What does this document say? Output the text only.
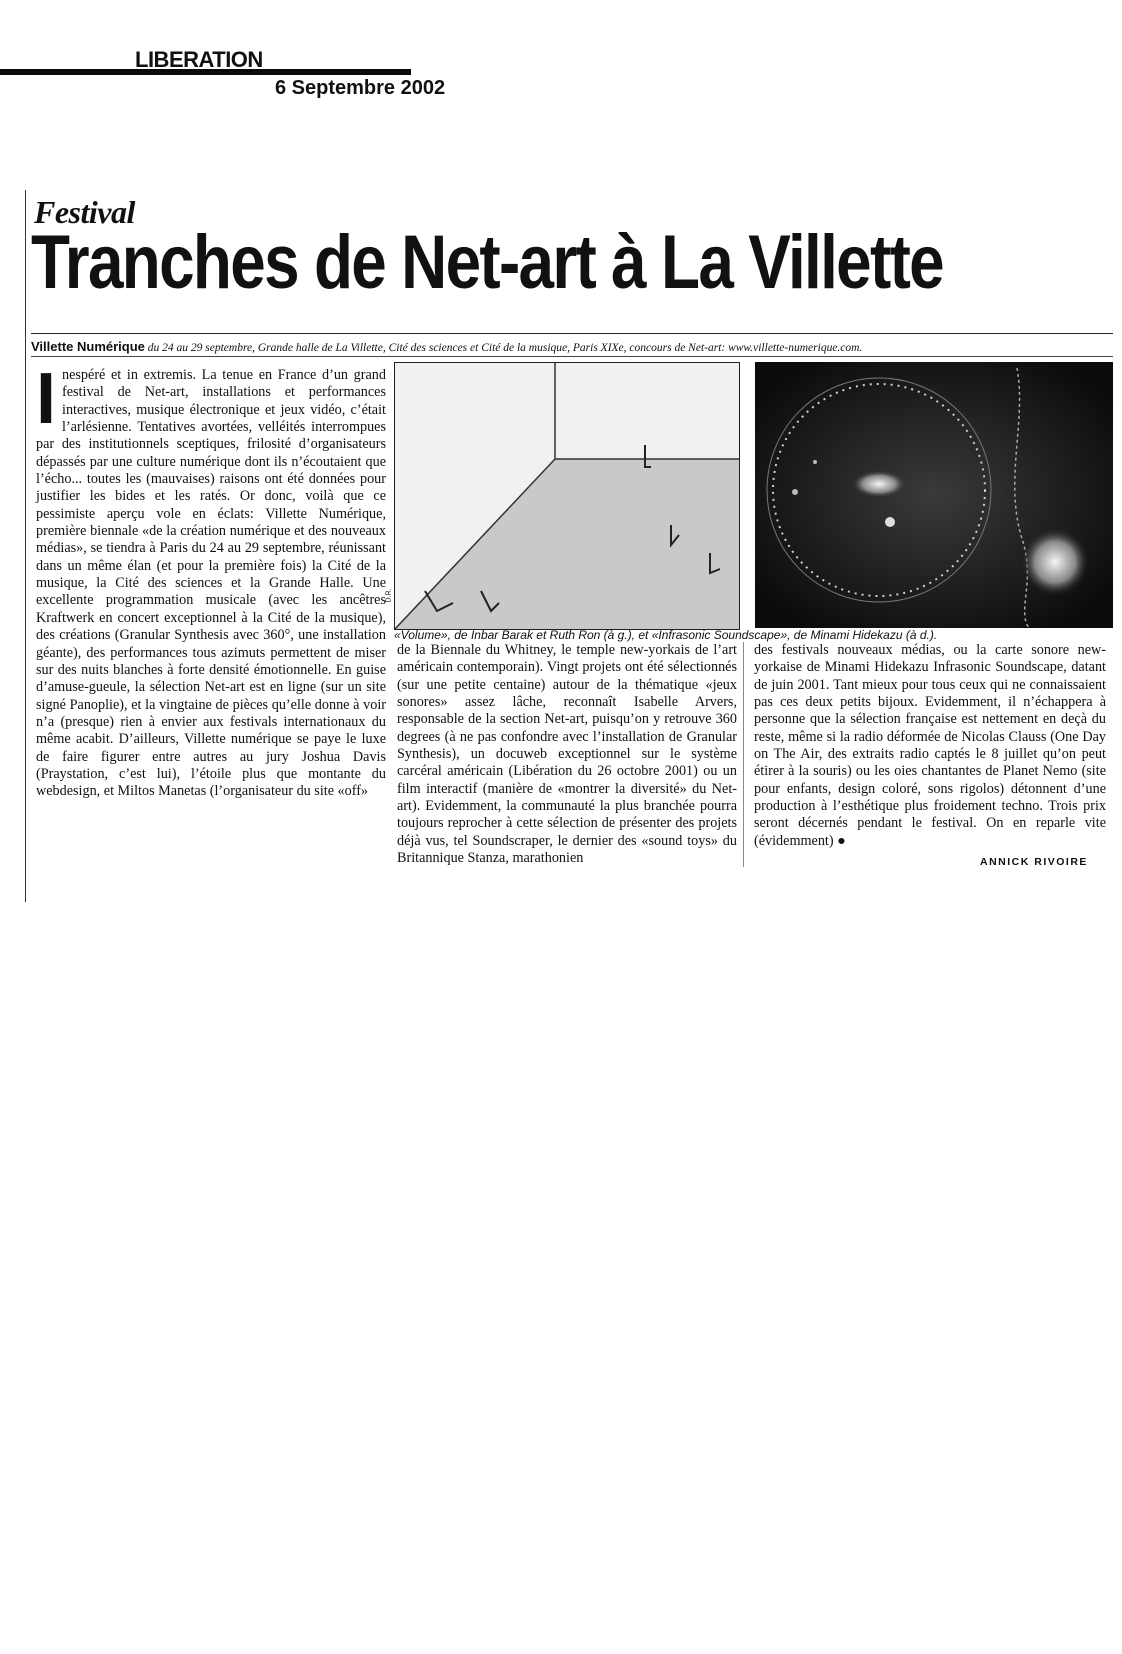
LIBERATION
6 Septembre 2002
Festival
Tranches de Net-art à La Villette
Villette Numérique du 24 au 29 septembre, Grande halle de La Villette, Cité des sciences et Cité de la musique, Paris XIXe, concours de Net-art: www.villette-numerique.com.
Inespéré et in extremis. La tenue en France d’un grand festival de Net-art, installations et performances interactives, musique électronique et jeux vidéo, c’était l’arlésienne. Tentatives avortées, velléités interrompues par des institutionnels sceptiques, frilosité d’organisateurs dépassés par une culture numérique dont ils n’écoutaient que l’écho... toutes les (mauvaises) raisons ont été données pour justifier les bides et les ratés. Or donc, voilà que ce pessimiste aperçu vole en éclats: Villette Numérique, première biennale «de la création numérique et des nouveaux médias», se tiendra à Paris du 24 au 29 septembre, réunissant dans un même élan (et pour la première fois) la Cité de la musique, la Cité des sciences et la Grande Halle. Une excellente programmation musicale (avec les ancêtres Kraftwerk en concert exceptionnel à la Cité de la musique), des créations (Granular Synthesis avec 360°, une installation géante), des performances tous azimuts permettent de miser sur des nuits blanches à forte densité émotionnelle. En guise d’amuse-gueule, la sélection Net-art est en ligne (sur un site signé Panoplie), et la vingtaine de pièces qu’elle donne à voir n’a (presque) rien à envier aux festivals internationaux du même acabit. D’ailleurs, Villette numérique se paye le luxe de faire figurer entre autres au jury Joshua Davis (Praystation, c’est lui), l’étoile plus que montante du webdesign, et Miltos Manetas (l’organisateur du site «off»
D.R.
«Volume», de Inbar Barak et Ruth Ron (à g.), et «Infrasonic Soundscape», de Minami Hidekazu (à d.).
de la Biennale du Whitney, le temple new-yorkais de l’art américain contemporain). Vingt projets ont été sélectionnés (sur une petite centaine) autour de la thématique «jeux sonores» assez lâche, reconnaît Isabelle Arvers, responsable de la section Net-art, puisqu’on y retrouve 360 degrees (à ne pas confondre avec l’installation de Granular Synthesis), un docuweb exceptionnel sur le système carcéral américain (Libération du 26 octobre 2001) ou un film interactif (manière de «montrer la diversité» du Net-art). Evidemment, la communauté la plus branchée pourra toujours reprocher à cette sélection de présenter des projets déjà vus, tel Soundscraper, le dernier des «sound toys» du Britannique Stanza, marathonien
des festivals nouveaux médias, ou la carte sonore new-yorkaise de Minami Hidekazu Infrasonic Soundscape, datant de juin 2001. Tant mieux pour tous ceux qui ne connaissaient pas ces deux petits bijoux. Evidemment, il n’échappera à personne que la sélection française est nettement en deçà du reste, même si la radio déformée de Nicolas Clauss (One Day on The Air, des extraits radio captés le 8 juillet qu’on peut étirer à la souris) ou les oies chantantes de Planet Nemo (site pour enfants, design coloré, sons rigolos) détonnent d’une production à l’esthétique plus froidement techno. Trois prix seront décernés pendant le festival. On en reparle vite (évidemment) ●
ANNICK RIVOIRE
